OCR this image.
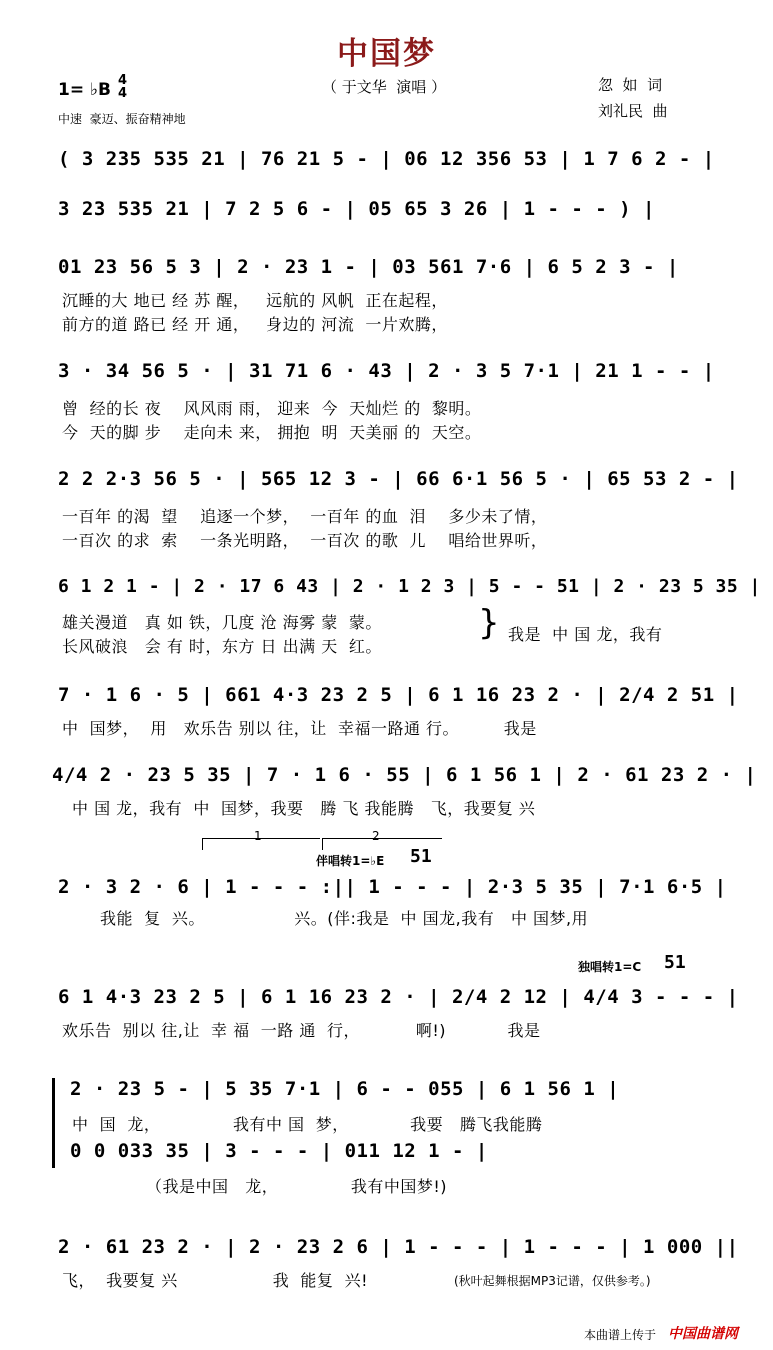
中国梦
（ 于文华  演唱 ）
1= ♭B 4
4
中速  豪迈、振奋精神地
忽  如  词
刘礼民  曲
( 3 235 535 21 | 76 21 5 - | 06 12 356 53 | 1 7 6 2 - |
3 23 535 21 | 7 2 5 6 - | 05 65 3 26 | 1 - - - ) |
01 23 56 5 3 | 2 · 23 1 - | 03 561 7·6 | 6 5 2 3 - |
沉睡的大 地已 经 苏 醒，   远航的 风帆  正在起程，
前方的道 路已 经 开 通，   身边的 河流  一片欢腾，
3 · 34 56 5 · | 31 71 6 · 43 | 2 · 3 5 7·1 | 21 1 - - |
曾  经的长 夜    风风雨 雨， 迎来  今  天灿烂 的  黎明。
今  天的脚 步    走向未 来， 拥抱  明  天美丽 的  天空。
2 2 2·3 56 5 · | 565 12 3 - | 66 6·1 56 5 · | 65 53 2 - |
一百年 的渴  望    追逐一个梦，  一百年 的血  泪    多少未了情，
一百次 的求  索    一条光明路，  一百次 的歌  儿    唱给世界听，
6 1 2 1 - | 2 · 17 6 43 | 2 · 1 2 3 | 5 - - 51 | 2 · 23 5 35 |
雄关漫道   真 如 铁，几度 沧 海雾 蒙  蒙。
长风破浪   会 有 时，东方 日 出满 天  红。
} 我是  中 国 龙，我有
7 · 1 6 · 5 | 661 4·3 23 2 5 | 6 1 16 23 2 · | 2/4 2 51 |
中  国梦，  用   欢乐告 别以 往，让  幸福一路通 行。        我是
4/4 2 · 23 5 35 | 7 · 1 6 · 55 | 6 1 56 1 | 2 · 61 23 2 · |
中 国 龙，我有  中  国梦，我要   腾 飞 我能腾   飞，我要复 兴
1	2
伴唱转1=♭E 51
2 · 3 2 · 6 | 1 - - - :|| 1 - - - | 2·3 5 35 | 7·1 6·5 |
我能  复  兴。                兴。(伴:我是  中 国龙,我有   中 国梦,用
独唱转1=C 51
6 1 4·3 23 2 5 | 6 1 16 23 2 · | 2/4 2 12 | 4/4 3 - - - |
欢乐告  别以 往,让  幸 福  一路 通  行，          啊!)           我是
2 · 23 5 - | 5 35 7·1 | 6 - - 055 | 6 1 56 1 |
中  国  龙，             我有中 国  梦，           我要   腾飞我能腾
0 0 033 35 | 3 - - - | 011 12 1 - |
（我是中国   龙，             我有中国梦!)
2 · 61 23 2 · | 2 · 23 2 6 | 1 - - - | 1 - - - | 1 000 ||
飞，  我要复 兴                 我  能复  兴!	(秋叶起舞根据MP3记谱，仅供参考。)
本曲谱上传于 中国曲谱网
